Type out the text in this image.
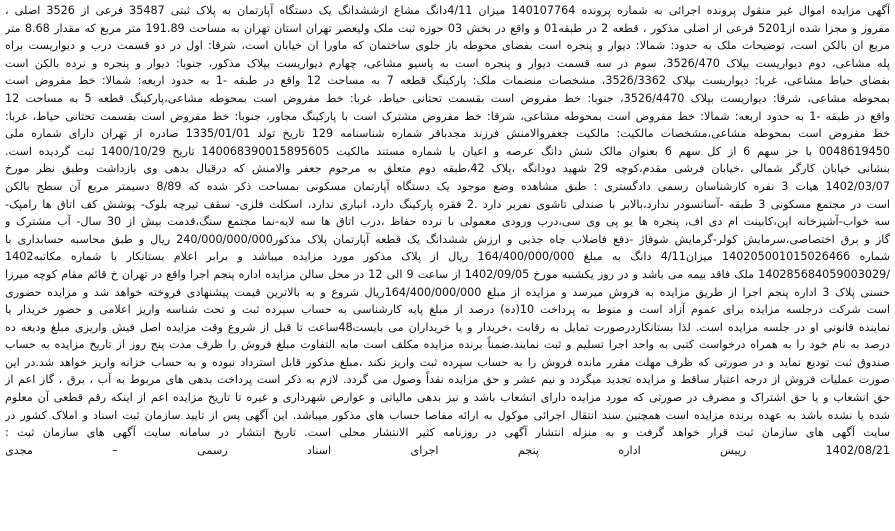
آگهی مزایده اموال غیر منقول پرونده اجرائی به شماره پرونده 140107764 میزان 4/11دانگ مشاع ازششدانگ یک دستگاه آپارتمان به پلاک ثبتی 35487 فرعی از 3526 اصلی ،
مفروز و مجزا شده از5201 فرعی از اصلی مذکور ، قطعه 2 در طبقه01 و واقع در بخش 03 حوزه ثبت ملک ولیعصر تهران استان تهران به مساحت 191.89 متر مربع که مقدار 8.68 متر
مربع ان بالکن است، توضیحات ملک به حدود: شمالا: دیوار و پنجره است بفضای محوطه باز جلوی ساختمان که ماورا ان خیابان است، شرقا: اول در دو قسمت درب و دیواریست براه
پله مشاعی، دوم دیواریست بپلاک 3526/470، سوم در سه قسمت دیوار و پنجره است به پاسیو مشاعی، چهارم دیواریست بپلاک مذکور، جنوبا: دیوار و پنجره و نرده بالکن است
بفضای حیاط مشاعی، غربا: دیواریست بپلاک 3526/3362، مشخصات منضمات ملک: پارکینگ قطعه 7 به مساحت 12 واقع در طبقه -1 به حدود اربعه: شمالا: خط مفروض است
بمحوطه مشاعی، شرقا: دیواریست بپلاک 3526/4470، جنوبا: خط مفروض است بقسمت تحتانی حیاط، غربا: خط مفروض است بمحوطه مشاعی،پارکینگ قطعه 5 به مساحت 12
واقع در طبقه -1 به حدود اربعه: شمالا: خط مفروض است بمحوطه مشاعی، شرقا: خط مفروض مشترک است با پارکینگ مجاور، جنوبا: خط مفروض است بقسمت تحتانی حیاط، غربا:
خط مفروض است بمحوطه مشاعی،مشخصات مالکیت: مالکیت جعفروالامنش فرزند مجدباقر شماره شناسنامه 129 تاریخ تولد 1335/01/01 صادره از تهران دارای شماره ملی
0048619450 با جز سهم 6 از کل سهم 6 بعنوان مالک شش دانگ عرصه و اعیان با شماره مستند مالکیت 140068390015895605 تاریخ 1400/10/29 ثبت گردیده است.
بنشانی خیابان کارگر شمالی ،خیابان فرشی مقدم،کوچه 29 شهید دودانگه ،پلاک 42،طبقه دوم متعلق به مرحوم جعفر والامنش که درقبال بدهی وی بازداشت وطبق نظر مورخ
1402/03/07 هیات 3 نفره کارشناسان رسمی دادگستری : طبق مشاهده وضع موجود یک دستگاه آپارتمان مسکونی بمساحت ذکر شده که 8/89 دسیمتر مربع آن سطح بالکن
است در مجتمع مسکونی 3 طبقه -آسانسودر ندارد،بالابر با صندلی تاشوی نفربر دارد .2 فقره پارکینگ دارد، انباری ندارد، اسکلت فلزی- سقف تیرچه بلوک- پوشش کف اتاق ها رامپک-
سه خواب-آشپزخانه اپن،کابینت ام دی اف، پنجره ها یو پی وی سی،درب ورودی معمولی با نرده حفاظ ،درب اتاق ها سه لایه-نما مجتمع سنگ،قدمت بیش از 30 سال- آب مشترک و
گاز و برق اختصاصی،سرمایش کولر-گرمایش شوفاژ -دفع فاضلاب چاه جذبی و ارزش ششدانگ یک قطعه آپارتمان پلاک مذکور240/000/000/000 ریال و طبق محاسبه حسابداری با
شماره 140205001015026466 میزان4/11 دانگ به مبلغ 164/400/000/000 ریال از پلاک مذکور مورد مزایده میباشد و برابر اعلام بستانکار با شماره مکاتبه1402
/140285684059003029 ملک فاقد بیمه می باشد و در روز یکشنبه مورخ 1402/09/05 از ساعت 9 الی 12 در محل سالن مزایده اداره پنجم اجرا واقع در تهران خ قائم مقام کوچه میرزا
حسنی پلاک 3 اداره پنجم اجرا از طریق مزایده به فروش میرسد و مزایده از مبلغ 164/400/000/000ریال شروع و به بالاترین قیمت پیشنهادی فروخته خواهد شد و مزایده حضوری
است شرکت درجلسه مزایده برای عموم آزاد است و منوط به پرداخت 10(ده) درصد از مبلغ پایه کارشناسی به حساب سپرده ثبت و تحت شناسه واریز اعلامی و حضور خریدار یا
نماینده قانونی او در جلسه مزایده است. لذا بستانکاردرصورت تمایل به رقابت ،خریدار و یا خریداران می بایست48ساعت تا قبل از شروع وقت مزایده اصل فیش واریزی مبلغ ودیعه ده
درصد به نام خود را به همراه درخواست کتبی به واحد اجرا تسلیم و ثبت نمایند.ضمناً برنده مزایده مکلف است مابه التفاوت مبلغ فروش را ظرف مدت پنج روز از تاریخ مزایده به حساب
صندوق ثبت تودیع نماید و در صورتی که ظرف مهلت مقرر مانده فروش را به حساب سپرده ثبت واریز نکند ،مبلغ مذکور قابل استرداد نبوده و به حساب خزانه واریز خواهد شد.در این
صورت عملیات فروش از درجه اعتبار ساقط و مزایده تجدید میگردد و نیم عشر و حق مزایده نقداً وصول می گردد. لازم به ذکر است پرداخت بدهی های مربوط به آب ، برق ، گاز اعم از
حق انشعاب و یا حق اشتراک و مصرف در صورتی که مورد مزایده دارای انشعاب باشد و نیز بدهی مالیاتی و عوارض شهرداری و غیره تا تاریخ مزایده اعم از اینکه رقم قطعی آن معلوم
شده یا نشده باشد به عهده برنده مزایده است همچنین سند انتقال اجرائی موکول به ارائه مفاصا حساب های مذکور میباشد. این آگهی پس از تایید سازمان ثبت اسناد و املاک کشور در
سایت آگهی های سازمان ثبت قرار خواهد گرفت و به منزله انتشار آگهی در روزنامه کثیر الانتشار محلی است. تاریخ انتشار در سامانه سایت آگهی های سازمان ثبت :
1402/08/21 رییس اداره پنجم اجرای اسناد رسمی – مجدی
